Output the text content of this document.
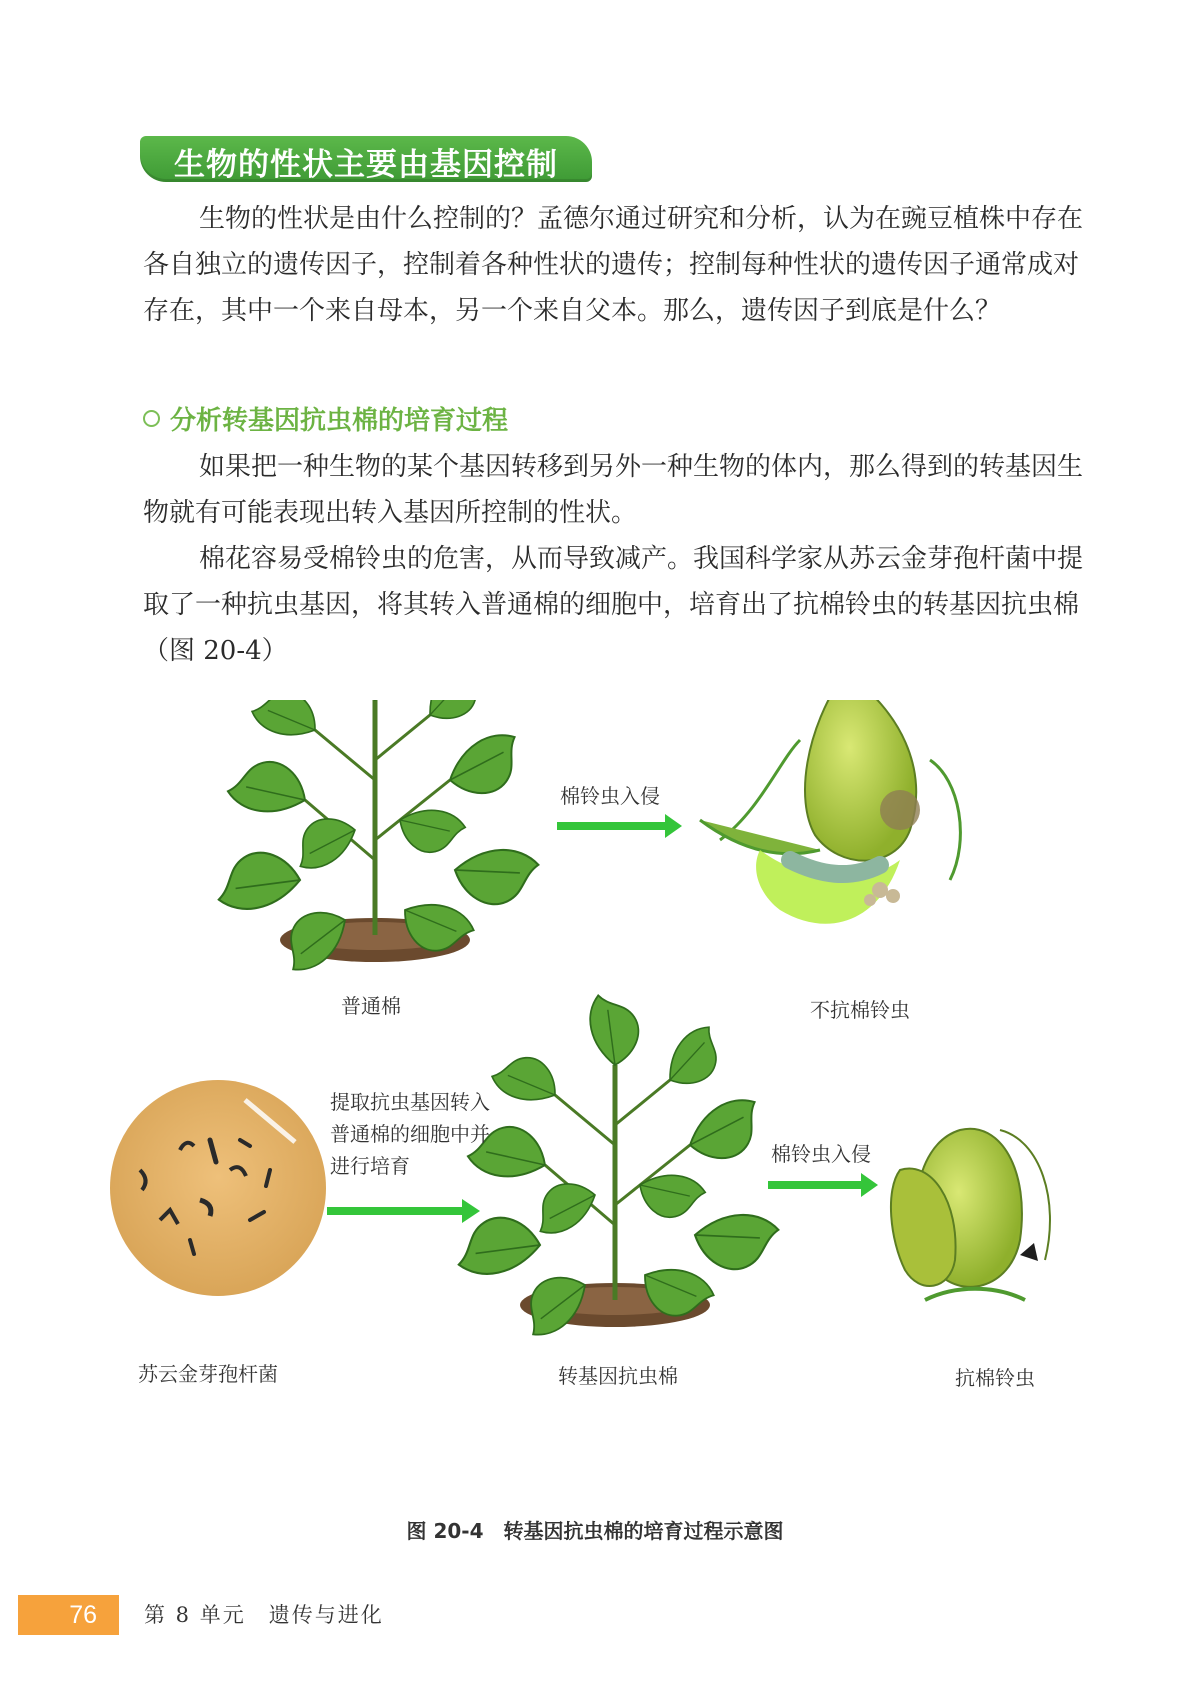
生物的性状主要由基因控制

生物的性状是由什么控制的？孟德尔通过研究和分析，认为在豌豆植株中存在各自独立的遗传因子，控制着各种性状的遗传；控制每种性状的遗传因子通常成对存在，其中一个来自母本，另一个来自父本。那么，遗传因子到底是什么？

分析转基因抗虫棉的培育过程

如果把一种生物的某个基因转移到另外一种生物的体内，那么得到的转基因生物就有可能表现出转入基因所控制的性状。

棉花容易受棉铃虫的危害，从而导致减产。我国科学家从苏云金芽孢杆菌中提取了一种抗虫基因，将其转入普通棉的细胞中，培育出了抗棉铃虫的转基因抗虫棉（图 20-4）

棉铃虫入侵
提取抗虫基因转入
普通棉的细胞中并
进行培育	棉铃虫入侵
普通棉	不抗棉铃虫
苏云金芽孢杆菌	转基因抗虫棉	抗棉铃虫
图 20-4　转基因抗虫棉的培育过程示意图
76	第 8 单元　遗传与进化
